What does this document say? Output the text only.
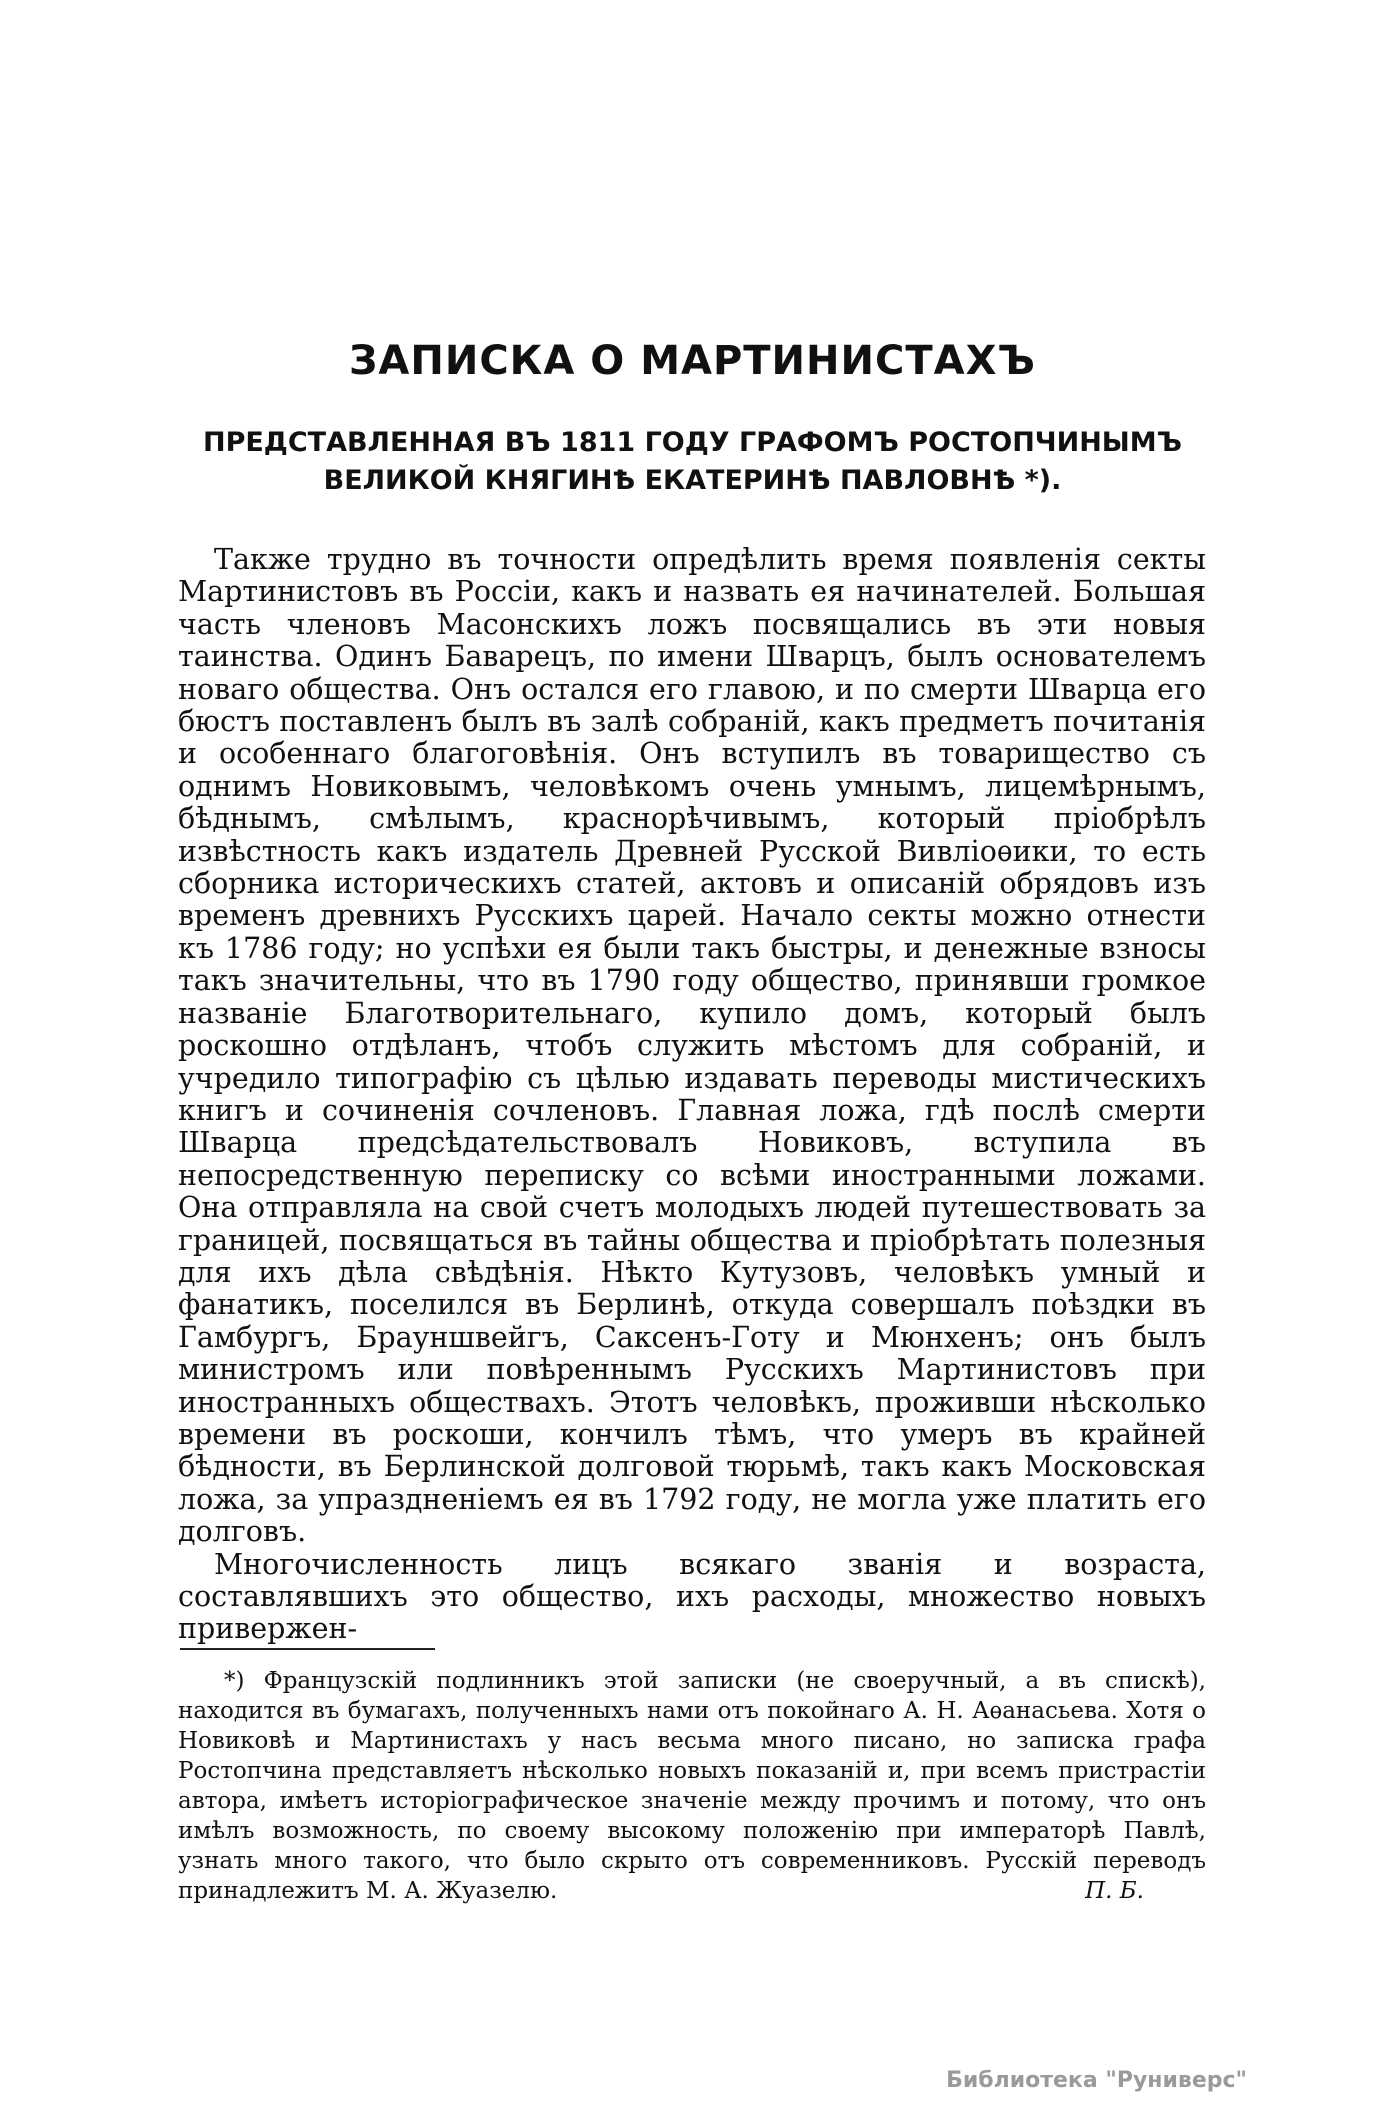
ЗАПИСКА О МАРТИНИСТАХЪ
ПРЕДСТАВЛЕННАЯ ВЪ 1811 ГОДУ ГРАФОМЪ РОСТОПЧИНЫМЪ ВЕЛИКОЙ КНЯГИНѢ ЕКАТЕРИНѢ ПАВЛОВНѢ *).

Также трудно въ точности опредѣлить время появленія секты Мартинистовъ въ Россіи, какъ и назвать ея начинателей. Большая часть членовъ Масонскихъ ложъ посвящались въ эти новыя таинства. Одинъ Баварецъ, по имени Шварцъ, былъ основателемъ новаго общества. Онъ остался его главою, и по смерти Шварца его бюстъ поставленъ былъ въ залѣ собраній, какъ предметъ почитанія и особеннаго благоговѣнія. Онъ вступилъ въ товарищество съ однимъ Новиковымъ, человѣкомъ очень умнымъ, лицемѣрнымъ, бѣднымъ, смѣлымъ, краснорѣчивымъ, который пріобрѣлъ извѣстность какъ издатель Древней Русской Вивліоѳики, то есть сборника историческихъ статей, актовъ и описаній обрядовъ изъ временъ древнихъ Русскихъ царей. Начало секты можно отнести къ 1786 году; но успѣхи ея были такъ быстры, и денежные взносы такъ значительны, что въ 1790 году общество, принявши громкое названіе Благотворительнаго, купило домъ, который былъ роскошно отдѣланъ, чтобъ служить мѣстомъ для собраній, и учредило типографію съ цѣлью издавать переводы мистическихъ книгъ и сочиненія сочленовъ. Главная ложа, гдѣ послѣ смерти Шварца предсѣдательствовалъ Новиковъ, вступила въ непосредственную переписку со всѣми иностранными ложами. Она отправляла на свой счетъ молодыхъ людей путешествовать за границей, посвящаться въ тайны общества и пріобрѣтать полезныя для ихъ дѣла свѣдѣнія. Нѣкто Кутузовъ, человѣкъ умный и фанатикъ, поселился въ Берлинѣ, откуда совершалъ поѣздки въ Гамбургъ, Брауншвейгъ, Саксенъ-Готу и Мюнхенъ; онъ былъ министромъ или повѣреннымъ Русскихъ Мартинистовъ при иностранныхъ обществахъ. Этотъ человѣкъ, проживши нѣсколько времени въ роскоши, кончилъ тѣмъ, что умеръ въ крайней бѣдности, въ Берлинской долговой тюрьмѣ, такъ какъ Московская ложа, за упраздненіемъ ея въ 1792 году, не могла уже платить его долговъ.

Многочисленность лицъ всякаго званія и возраста, составлявшихъ это общество, ихъ расходы, множество новыхъ привержен-

*) Французскій подлинникъ этой записки (не своеручный, а въ спискѣ), находится въ бумагахъ, полученныхъ нами отъ покойнаго А. Н. Аѳанасьева. Хотя о Новиковѣ и Мартинистахъ у насъ весьма много писано, но записка графа Ростопчина представляетъ нѣсколько новыхъ показаній и, при всемъ пристрастіи автора, имѣетъ исторіографическое значеніе между прочимъ и потому, что онъ имѣлъ возможность, по своему высокому положенію при императорѣ Павлѣ, узнать много такого, что было скрыто отъ современниковъ. Русскій переводъ принадлежитъ М. А. Жуазелю.	П. Б.
Библиотека "Руниверс"
